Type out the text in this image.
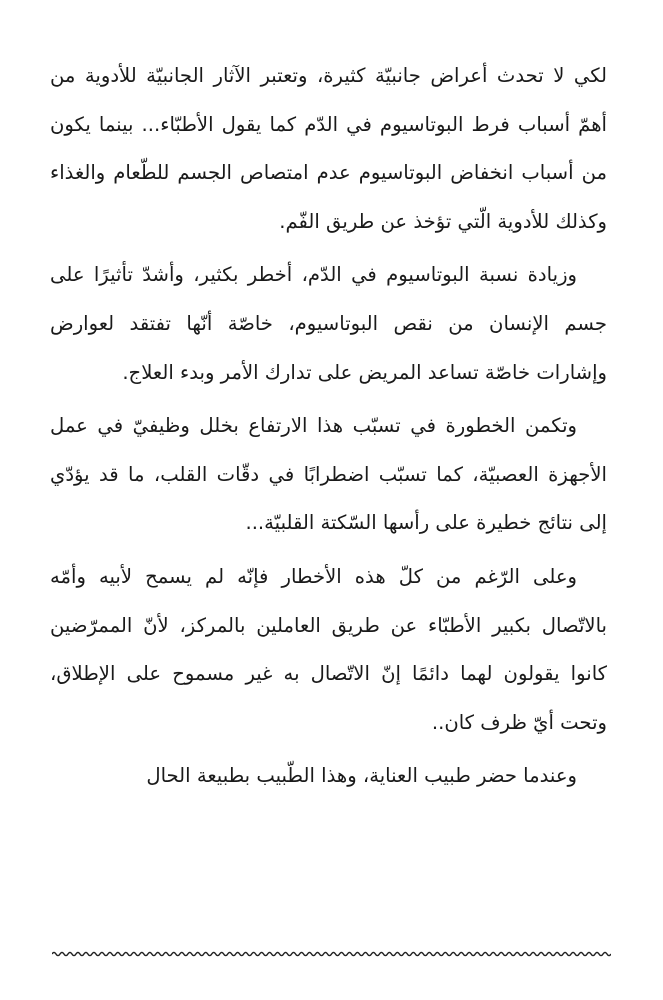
لكي لا تحدث أعراض جانبيّة كثيرة، وتعتبر الآثار الجانبيّة للأدوية من أهمّ أسباب فرط البوتاسيوم في الدّم كما يقول الأطبّاء... بينما يكون من أسباب انخفاض البوتاسيوم عدم امتصاص الجسم للطّعام والغذاء وكذلك للأدوية الّتي تؤخذ عن طريق الفّم.

وزيادة نسبة البوتاسيوم في الدّم، أخطر بكثير، وأشدّ تأثيرًا على جسم الإنسان من نقص البوتاسيوم، خاصّة أنّها تفتقد لعوارض وإشارات خاصّة تساعد المريض على تدارك الأمر وبدء العلاج.

وتكمن الخطورة في تسبّب هذا الارتفاع بخلل وظيفيّ في عمل الأجهزة العصبيّة، كما تسبّب اضطرابًا في دقّات القلب، ما قد يؤدّي إلى نتائج خطيرة على رأسها السّكتة القلبيّة...

وعلى الرّغم من كلّ هذه الأخطار فإنّه لم يسمح لأبيه وأمّه بالاتّصال بكبير الأطبّاء عن طريق العاملين بالمركز، لأنّ الممرّضين كانوا يقولون لهما دائمًا إنّ الاتّصال به غير مسموح على الإطلاق، وتحت أيّ ظرف كان..

وعندما حضر طبيب العناية، وهذا الطّبيب بطبيعة الحال
